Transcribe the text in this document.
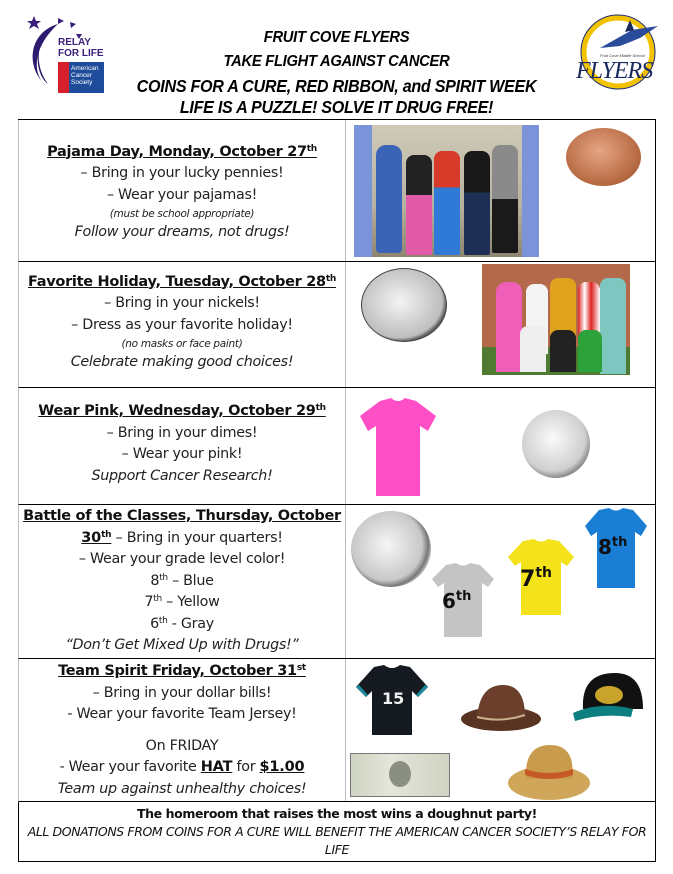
RELAY
FOR LIFE
American
Cancer
Society
Fruit Cove Middle School
FLYERS
FRUIT COVE FLYERS
TAKE FLIGHT AGAINST CANCER
COINS FOR A CURE, RED RIBBON, and SPIRIT WEEK
LIFE IS A PUZZLE! SOLVE IT DRUG FREE!
Pajama Day, Monday, October 27th
– Bring in your lucky pennies!
– Wear your pajamas!
(must be school appropriate)
Follow your dreams, not drugs!
Favorite Holiday, Tuesday, October 28th
– Bring in your nickels!
– Dress as your favorite holiday!
(no masks or face paint)
Celebrate making good choices!
Wear Pink, Wednesday, October 29th
– Bring in your dimes!
– Wear your pink!
Support Cancer Research!
Battle of the Classes, Thursday, October
30th – Bring in your quarters!
– Wear your grade level color!
8th – Blue
7th – Yellow
6th - Gray
“Don’t Get Mixed Up with Drugs!”
6th
7th
8th
Team Spirit Friday, October 31st
– Bring in your dollar bills!
- Wear your favorite Team Jersey!
On FRIDAY
- Wear your favorite HAT for $1.00
Team up against unhealthy choices!
15
The homeroom that raises the most wins a doughnut party!
ALL DONATIONS FROM COINS FOR A CURE WILL BENEFIT THE AMERICAN CANCER SOCIETY’S RELAY FOR LIFE
